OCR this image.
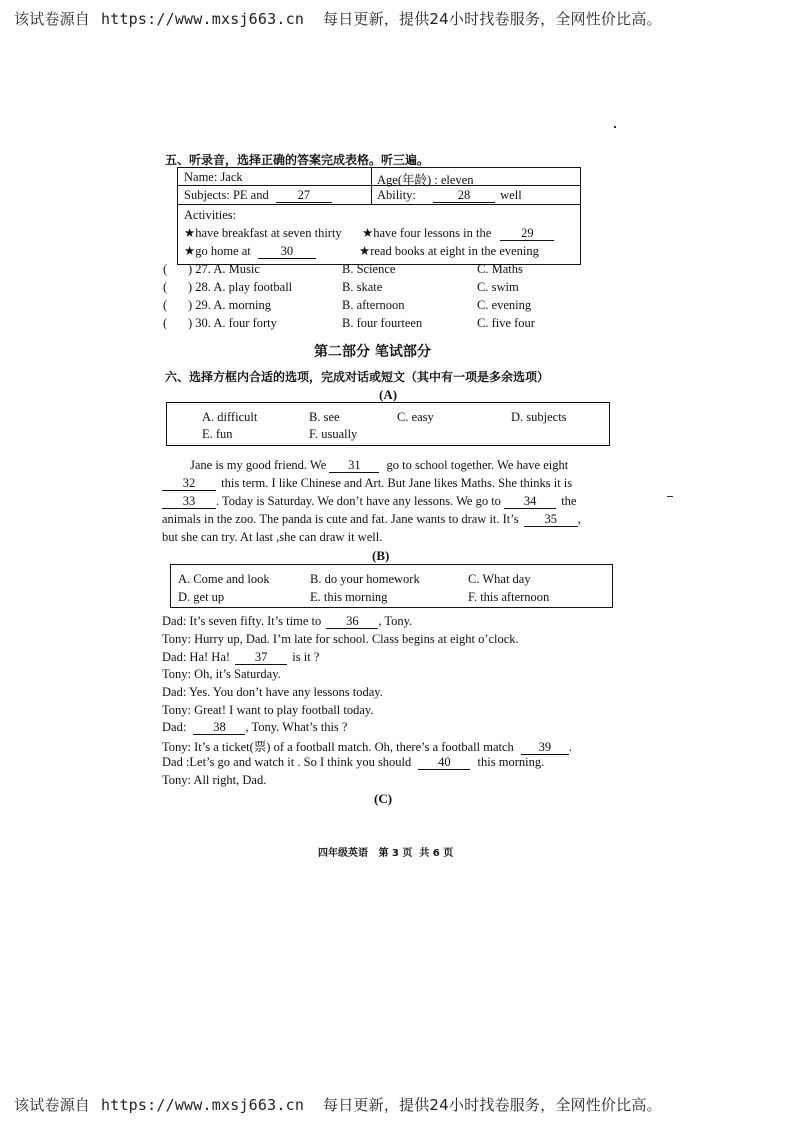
该试卷源自 https://www.mxsj663.cn 每日更新，提供24小时找卷服务，全网性价比高。
五、听录音，选择正确的答案完成表格。听三遍。
Name: Jack	Age(年龄) : eleven
Subjects: PE and 27	Ability:	28 well
Activities:
★have breakfast at seven thirty ★have four lessons in the 29
★go home at 30	★read books at eight in the evening
( ) 27. A. Music	B. Science	C. Maths
( ) 28. A. play football	B. skate	C. swim
( ) 29. A. morning	B. afternoon	C. evening
( ) 30. A. four forty	B. four fourteen	C. five four
第二部分 笔试部分
六、选择方框内合适的选项，完成对话或短文（其中有一项是多余选项）
(A)
A. difficult	B. see	C. easy	D. subjects
E. fun	F. usually
Jane is my good friend. We 31 go to school together. We have eight
32 this term. I like Chinese and Art. But Jane likes Maths. She thinks it is
33 . Today is Saturday. We don’t have any lessons. We go to 34 the
animals in the zoo. The panda is cute and fat. Jane wants to draw it. It’s 35 ,
but she can try. At last ,she can draw it well.
(B)
A. Come and look	B. do your homework	C. What day
D. get up	E. this morning	F. this afternoon
Dad: It’s seven fifty. It’s time to 36 , Tony.
Tony: Hurry up, Dad. I’m late for school. Class begins at eight o’clock.
Dad: Ha! Ha! 37 is it ?
Tony: Oh, it’s Saturday.
Dad: Yes. You don’t have any lessons today.
Tony: Great! I want to play football today.
Dad: 38 , Tony. What’s this ?
Tony: It’s a ticket(票) of a football match. Oh, there’s a football match 39 .
Dad :Let’s go and watch it . So I think you should 40 this morning.
Tony: All right, Dad.
(C)
四年级英语   第 3 页  共 6 页
该试卷源自 https://www.mxsj663.cn 每日更新，提供24小时找卷服务，全网性价比高。
